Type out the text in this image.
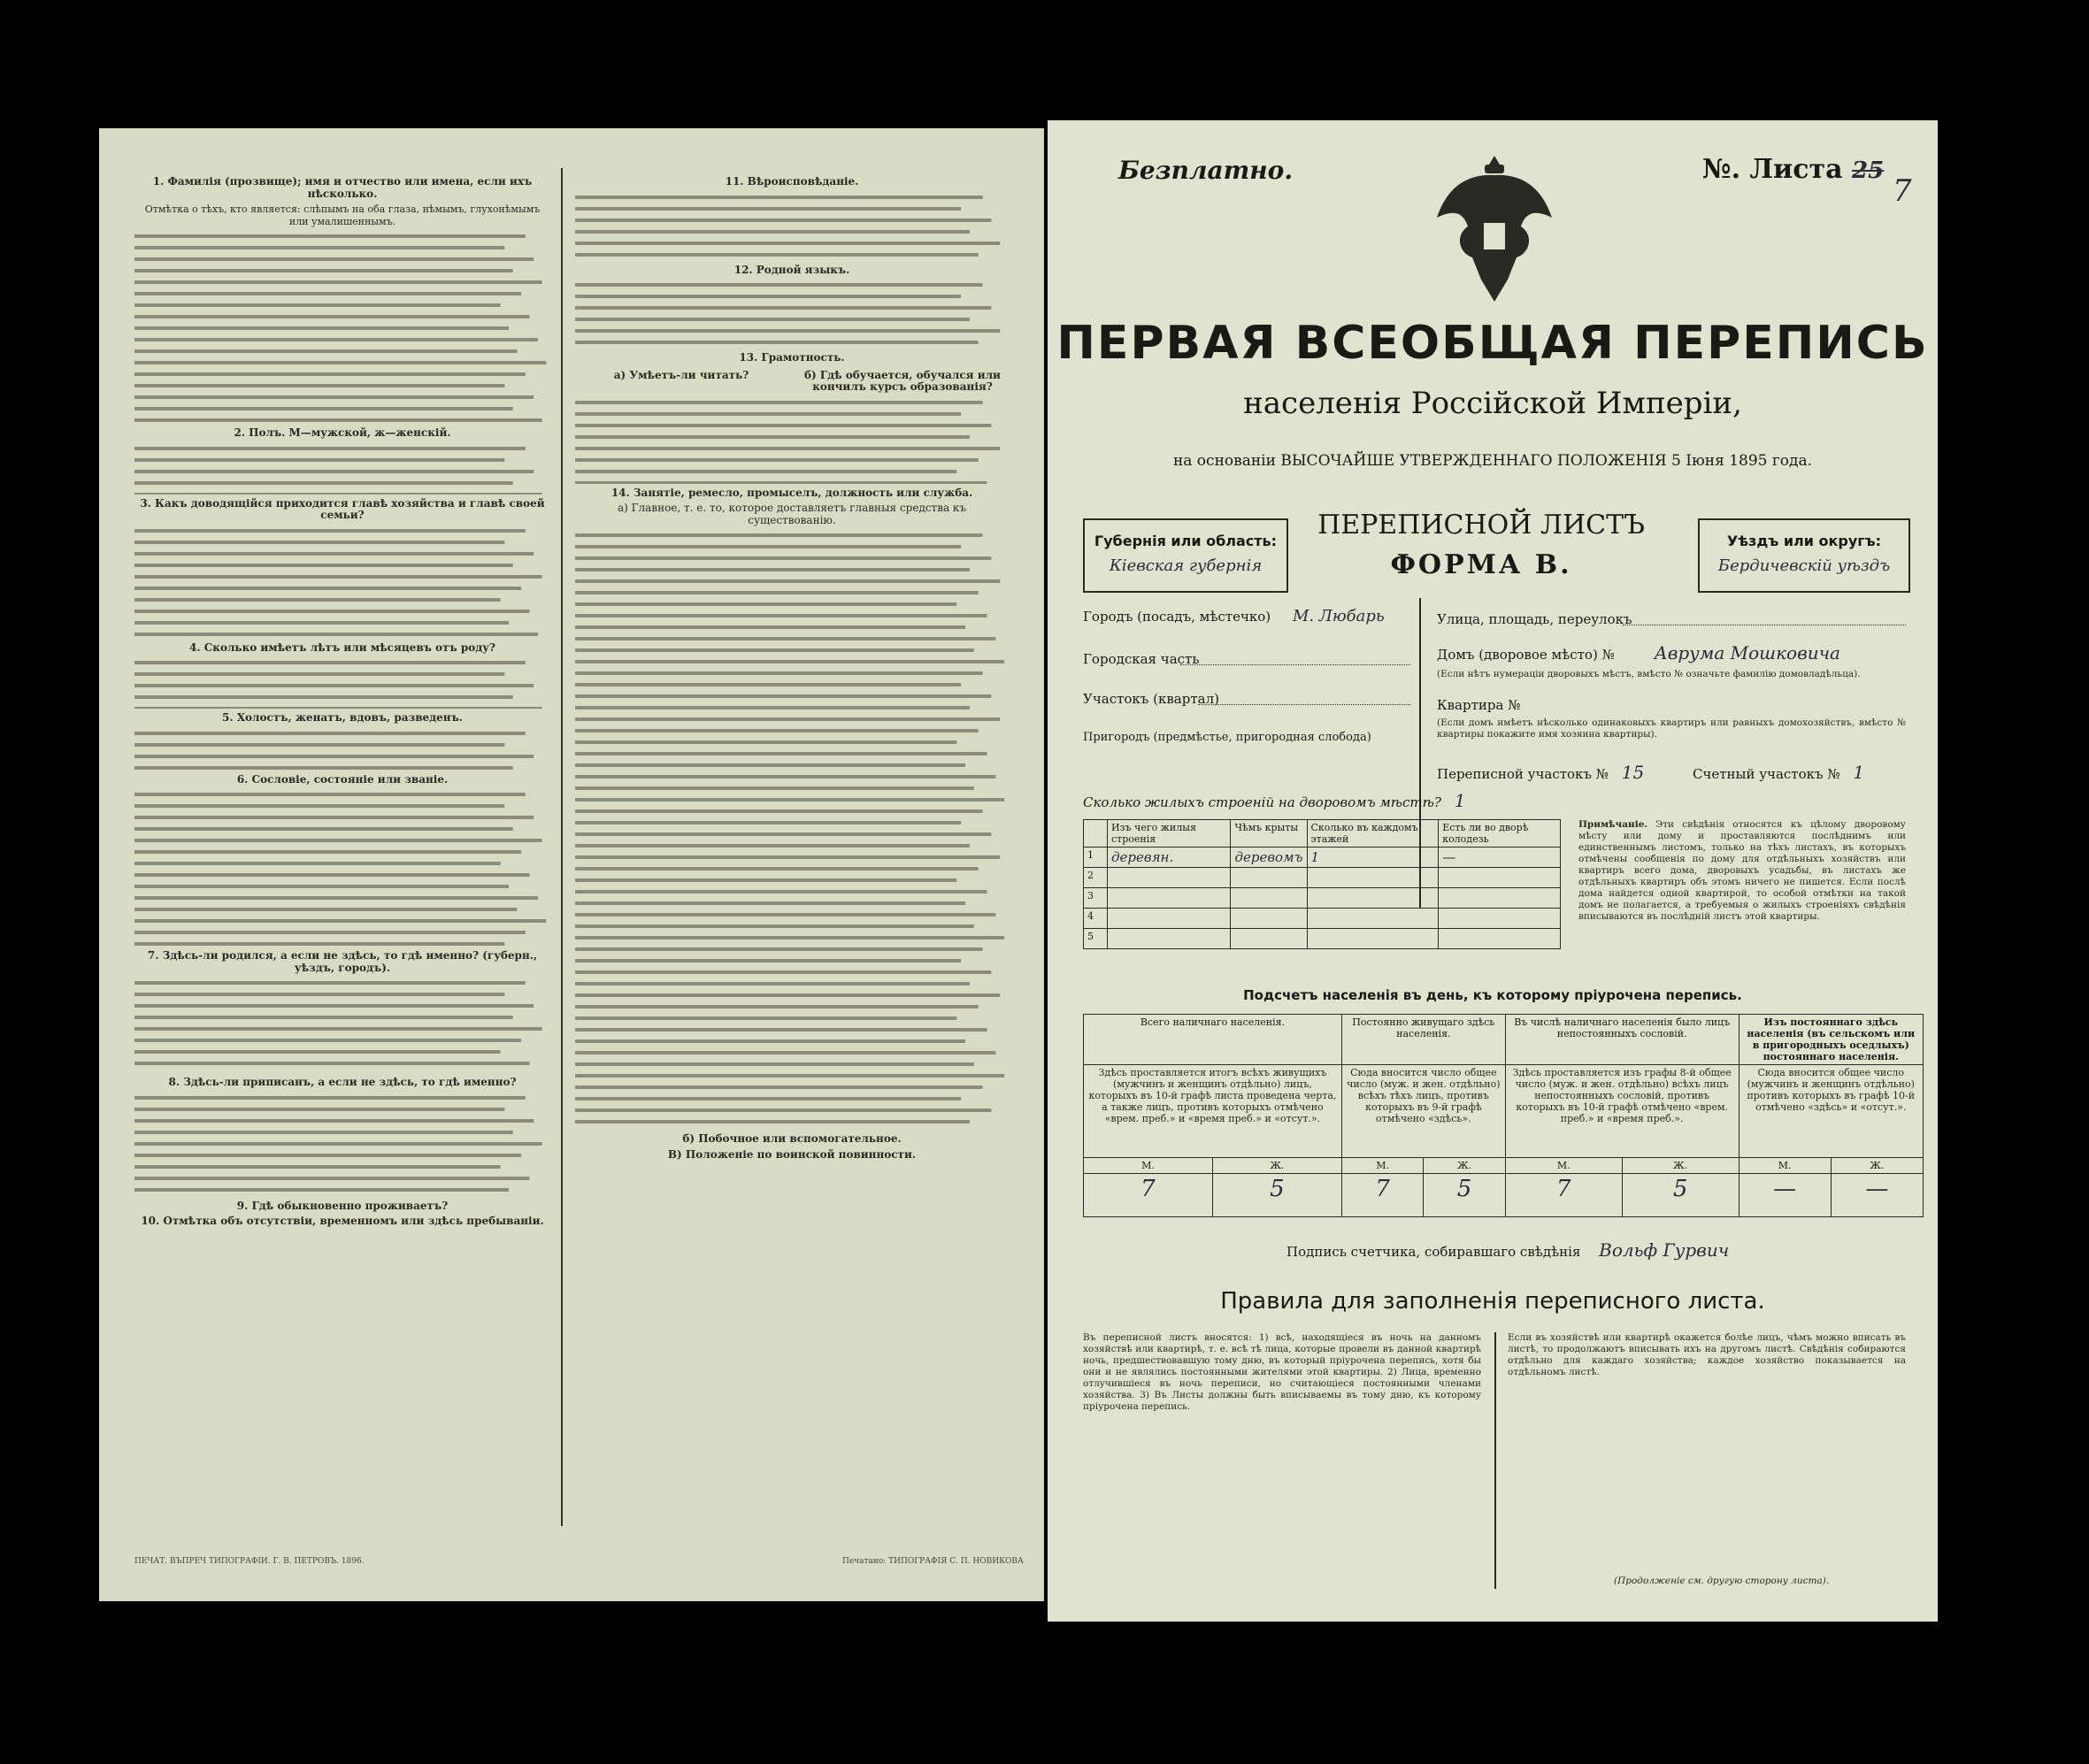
1. Фамилія (прозвище); имя и отчество или имена, если ихъ нѣсколько.
Отмѣтка о тѣхъ, кто является: слѣпымъ на оба глаза, нѣмымъ, глухонѣмымъ или умалишеннымъ.
2. Полъ. М—мужской, ж—женскій.
3. Какъ доводящійся приходится главѣ хозяйства и главѣ своей семьи?
4. Сколько имѣетъ лѣтъ или мѣсяцевъ отъ роду?
5. Холостъ, женатъ, вдовъ, разведенъ.
6. Сословіе, состояніе или званіе.
7. Здѣсь-ли родился, а если не здѣсь, то гдѣ именно? (губерн., уѣздъ, городъ).
8. Здѣсь-ли приписанъ, а если не здѣсь, то гдѣ именно?
9. Гдѣ обыкновенно проживаетъ?
10. Отмѣтка объ отсутствіи, временномъ или здѣсь пребываніи.
ПЕЧАТ. ВЪПРЕЧ ТИПОГРАФІИ. Г. В. ПЕТРОВЪ. 1896.
11. Вѣроисповѣданіе.
12. Родной языкъ.
13. Грамотность.
а) Умѣетъ-ли читать?	б) Гдѣ обучается, обучался или кончилъ курсъ образованія?
14. Занятіе, ремесло, промыселъ, должность или служба.
а) Главное, т. е. то, которое доставляетъ главныя средства къ существованію.
б) Побочное или вспомогательное.
В) Положеніе по воинской повинности.
Печатано: ТИПОГРАФІЯ С. П. НОВИКОВА
Безплатно.	№. Листа 25
7
ПЕРВАЯ ВСЕОБЩАЯ ПЕРЕПИСЬ
населенія Россійской Имперіи,
на основаніи ВЫСОЧАЙШЕ УТВЕРЖДЕННАГО ПОЛОЖЕНІЯ 5 Іюня 1895 года.
Губернія или область:
Кіевская губернія
ПЕРЕПИСНОЙ ЛИСТЪ
ФОРМА В.
Уѣздъ или округъ:
Бердичевскій уѣздъ
Городъ (посадъ, мѣстечко) М. Любарь
Городская часть
Участокъ (квартал)
Пригородъ (предмѣстье, пригородная слобода)
Улица, площадь, переулокъ
Домъ (дворовое мѣсто) № Аврума Мошковича
(Если нѣтъ нумераціи дворовыхъ мѣстъ, вмѣсто № означьте фамилію домовладѣльца).
Квартира №
(Если домъ имѣетъ нѣсколько одинаковыхъ квартиръ или равныхъ домохозяйствъ, вмѣсто № квартиры покажите имя хозяина квартиры).
Переписной участокъ № 15	Счетный участокъ № 1
Сколько жилыхъ строеній на дворовомъ мѣстѣ? 1
	Изъ чего жилыя строенія	Чѣмъ крыты	Сколько въ каждомъ этажей	Есть ли во дворѣ колодезь
1	деревян.	деревомъ	1	—
2				
3				
4				
5				
Примѣчаніе. Эти свѣдѣнія относятся къ цѣлому дворовому мѣсту или дому и проставляются послѣднимъ или единственнымъ листомъ, только на тѣхъ листахъ, въ которыхъ отмѣчены сообщенія по дому для отдѣльныхъ хозяйствъ или квартиръ всего дома, дворовыхъ усадьбы, въ листахъ же отдѣльныхъ квартиръ объ этомъ ничего не пишется. Если послѣ дома найдется одной квартирой, то особой отмѣтки на такой домъ не полагается, а требуемыя о жилыхъ строеніяхъ свѣдѣнія вписываются въ послѣдній листъ этой квартиры.
Подсчетъ населенія въ день, къ которому пріурочена перепись.
Всего наличнаго населенія.		Постоянно живущаго здѣсь населенія.		Въ числѣ наличнаго населенія было лицъ непостоянныхъ сословій.		Изъ постояннаго здѣсь населенія (въ сельскомъ или в пригородныхъ оседлыхъ) постояннаго населенія.	
Здѣсь проставляется итогъ всѣхъ живущихъ (мужчинъ и женщинъ отдѣльно) лицъ, которыхъ въ 10-й графѣ листа проведена черта, а также лицъ, противъ которыхъ отмѣчено «врем. преб.» и «время преб.» и «отсут.».		Сюда вносится число общее число (муж. и жен. отдѣльно) всѣхъ тѣхъ лицъ, противъ которыхъ въ 9-й графѣ отмѣчено «здѣсь».		Здѣсь проставляется изъ графы 8-й общее число (муж. и жен. отдѣльно) всѣхъ лицъ непостоянныхъ сословій, противъ которыхъ въ 10-й графѣ отмѣчено «врем. преб.» и «время преб.».		Сюда вносится общее число (мужчинъ и женщинъ отдѣльно) противъ которыхъ въ графѣ 10-й отмѣчено «здѣсь» и «отсут.».	
М.	Ж.	М.	Ж.	М.	Ж.	М.	Ж.
7	5	7	5	7	5	—	—
Подпись счетчика, собиравшаго свѣдѣнія Вольф Гурвич
Правила для заполненія переписного листа.
Въ переписной листъ вносятся: 1) всѣ, находящіеся въ ночь на данномъ хозяйствѣ или квартирѣ, т. е. всѣ тѣ лица, которые провели въ данной квартирѣ ночь, предшествовавшую тому дню, въ который пріурочена перепись, хотя бы они и не являлись постоянными жителями этой квартиры. 2) Лица, временно отлучившіеся въ ночь переписи, но считающіеся постоянными членами хозяйства. 3) Въ Листы должны быть вписываемы въ тому дню, къ которому пріурочена перепись.
Если въ хозяйствѣ или квартирѣ окажется болѣе лицъ, чѣмъ можно вписать въ листѣ, то продолжаютъ вписывать ихъ на другомъ листѣ. Свѣдѣнія собираются отдѣльно для каждаго хозяйства; каждое хозяйство показывается на отдѣльномъ листѣ.
(Продолженіе см. другую сторону листа).
